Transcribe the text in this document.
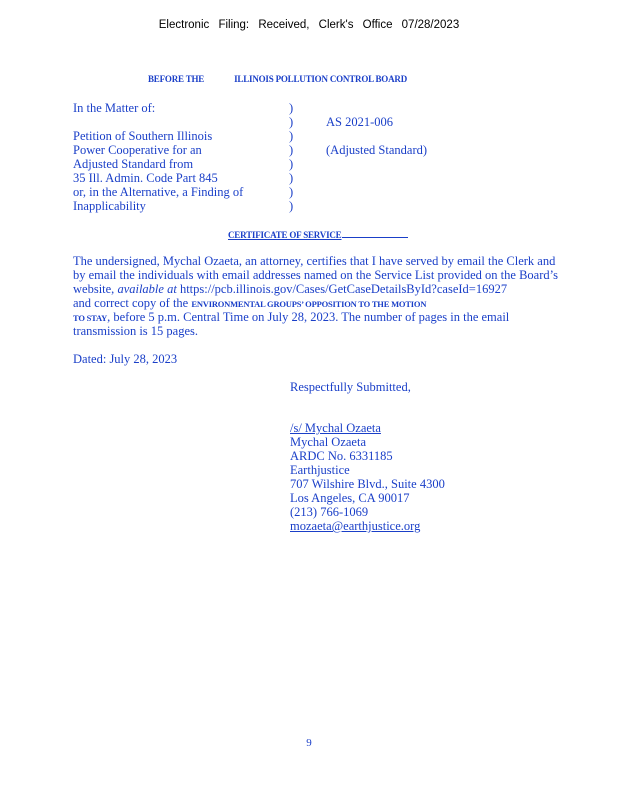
Electronic Filing: Received, Clerk's Office 07/28/2023
BEFORE THE	ILLINOIS POLLUTION CONTROL BOARD
In the Matter of:
Petition of Southern Illinois
Power Cooperative for an
Adjusted Standard from
35 Ill. Admin. Code Part 845
or, in the Alternative, a Finding of
Inapplicability
)
)
)
)
)
)
)
)
AS 2021-006
(Adjusted Standard)
CERTIFICATE OF SERVICE
The undersigned, Mychal Ozaeta, an attorney, certifies that I have served by email the Clerk and
by email the individuals with email addresses named on the Service List provided on the Board’s
website, available at https://pcb.illinois.gov/Cases/GetCaseDetailsById?caseId=16927
and correct copy of the ENVIRONMENTAL GROUPS’ OPPOSITION TO THE MOTION
TO STAY, before 5 p.m. Central Time on July 28, 2023. The number of pages in the email
transmission is 15 pages.
Dated: July 28, 2023
Respectfully Submitted,
/s/ Mychal Ozaeta
Mychal Ozaeta
ARDC No. 6331185
Earthjustice
707 Wilshire Blvd., Suite 4300
Los Angeles, CA 90017
(213) 766-1069
mozaeta@earthjustice.org
9
